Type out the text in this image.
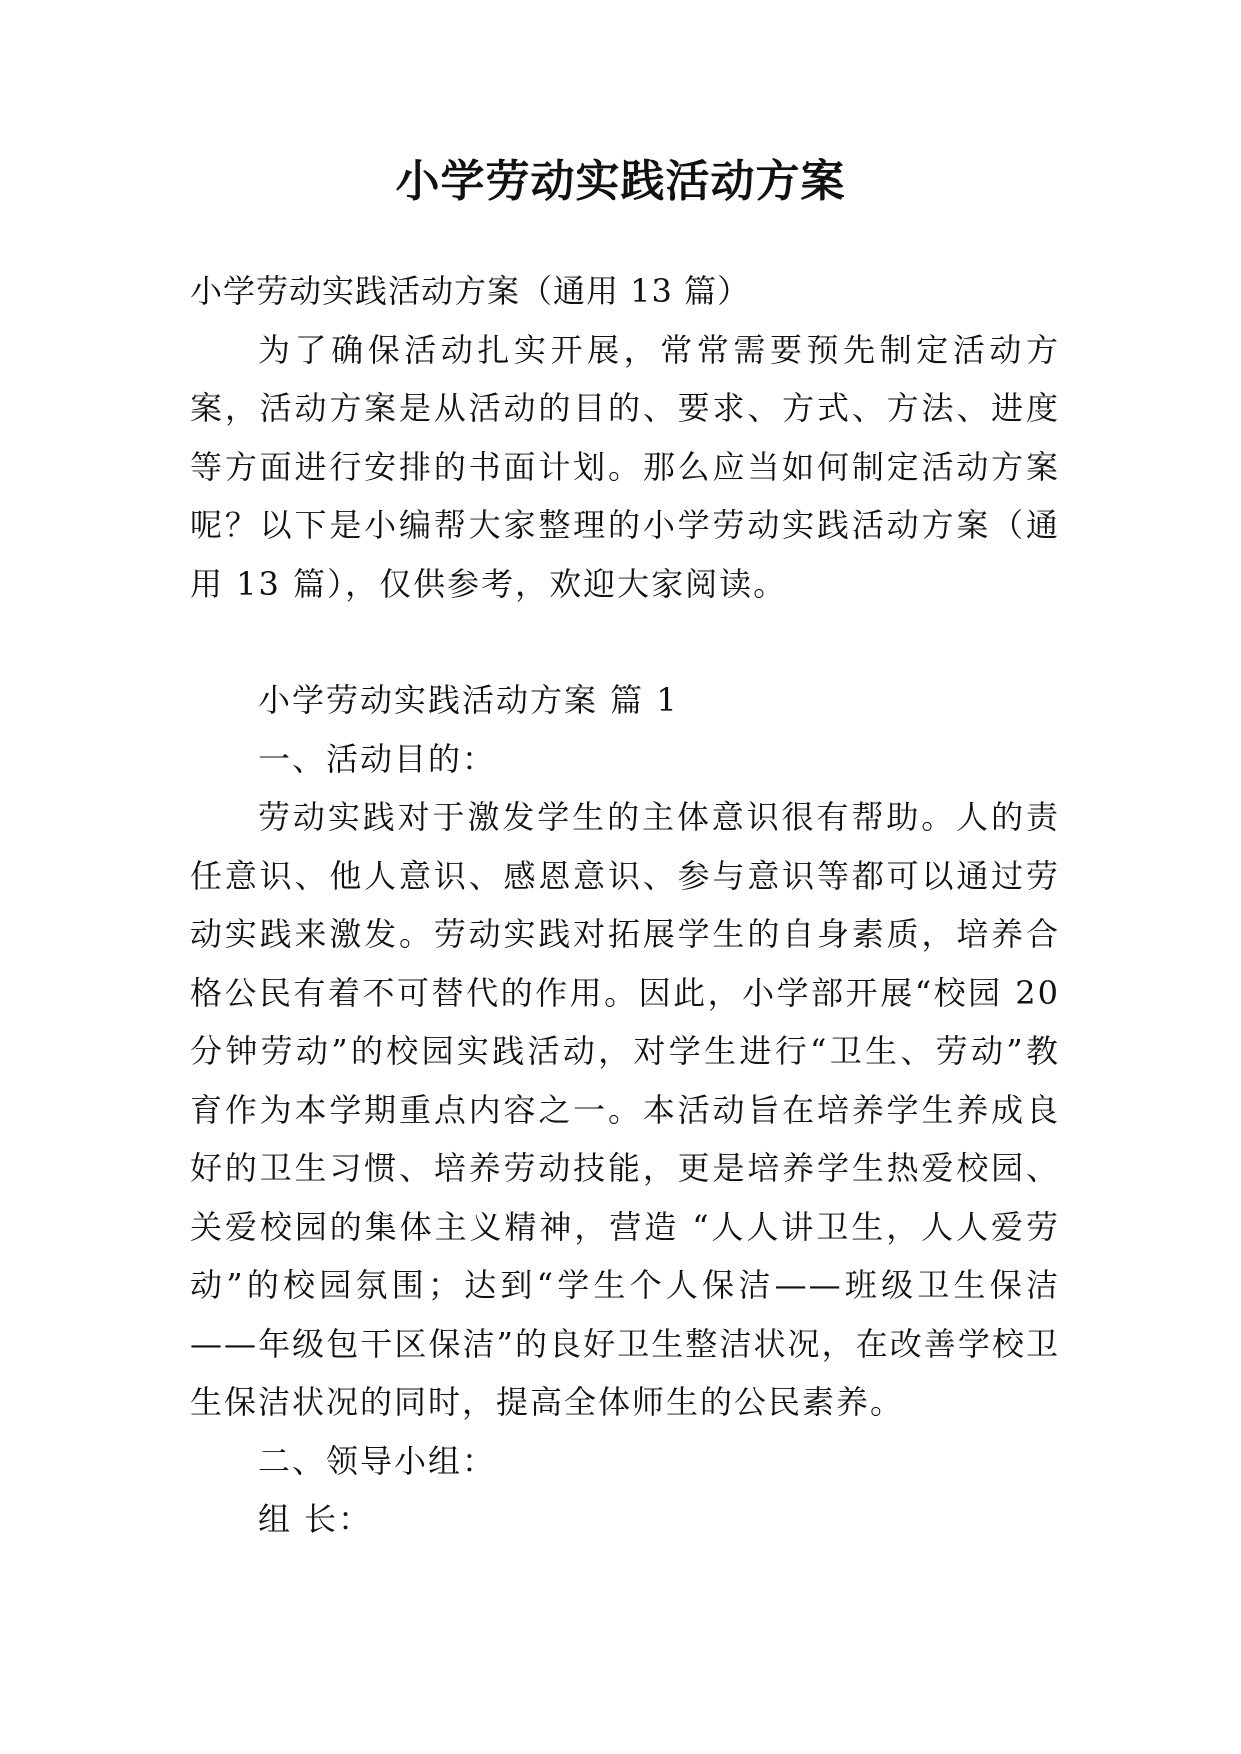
小学劳动实践活动方案

小学劳动实践活动方案（通用 13 篇）

为了确保活动扎实开展，常常需要预先制定活动方案，活动方案是从活动的目的、要求、方式、方法、进度等方面进行安排的书面计划。那么应当如何制定活动方案呢？以下是小编帮大家整理的小学劳动实践活动方案（通用 13 篇），仅供参考，欢迎大家阅读。

小学劳动实践活动方案 篇 1

一、活动目的：

劳动实践对于激发学生的主体意识很有帮助。人的责任意识、他人意识、感恩意识、参与意识等都可以通过劳动实践来激发。劳动实践对拓展学生的自身素质，培养合格公民有着不可替代的作用。因此，小学部开展“校园 20 分钟劳动”的校园实践活动，对学生进行“卫生、劳动”教育作为本学期重点内容之一。本活动旨在培养学生养成良好的卫生习惯、培养劳动技能，更是培养学生热爱校园、关爱校园的集体主义精神，营造 “人人讲卫生，人人爱劳动”的校园氛围；达到“学生个人保洁——班级卫生保洁——年级包干区保洁”的良好卫生整洁状况，在改善学校卫生保洁状况的同时，提高全体师生的公民素养。

二、领导小组：

组 长：
